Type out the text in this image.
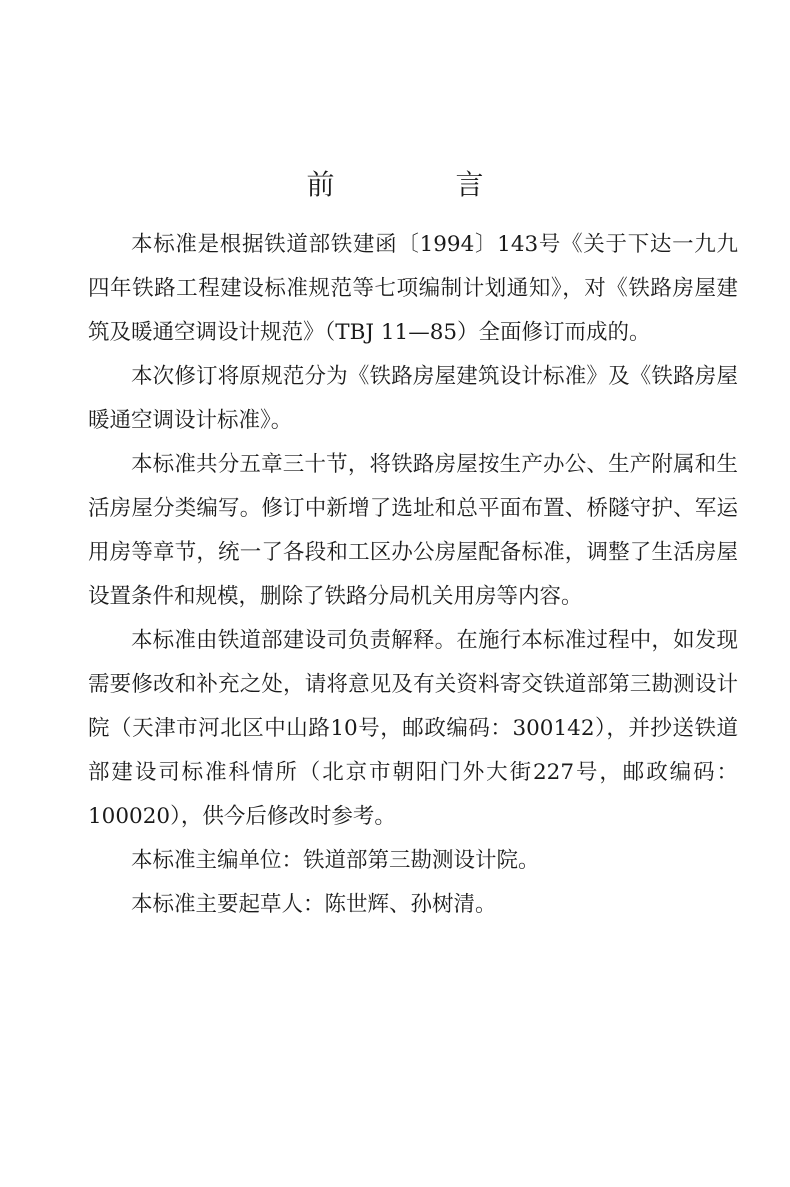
前 言

本标准是根据铁道部铁建函〔1994〕143号《关于下达一九九四年铁路工程建设标准规范等七项编制计划通知》，对《铁路房屋建筑及暖通空调设计规范》（TBJ 11—85）全面修订而成的。

本次修订将原规范分为《铁路房屋建筑设计标准》及《铁路房屋暖通空调设计标准》。

本标准共分五章三十节，将铁路房屋按生产办公、生产附属和生活房屋分类编写。修订中新增了选址和总平面布置、桥隧守护、军运用房等章节，统一了各段和工区办公房屋配备标准，调整了生活房屋设置条件和规模，删除了铁路分局机关用房等内容。

本标准由铁道部建设司负责解释。在施行本标准过程中，如发现需要修改和补充之处，请将意见及有关资料寄交铁道部第三勘测设计院（天津市河北区中山路10号，邮政编码：300142），并抄送铁道部建设司标准科情所（北京市朝阳门外大街227号，邮政编码：100020），供今后修改时参考。

本标准主编单位：铁道部第三勘测设计院。

本标准主要起草人：陈世辉、孙树清。
